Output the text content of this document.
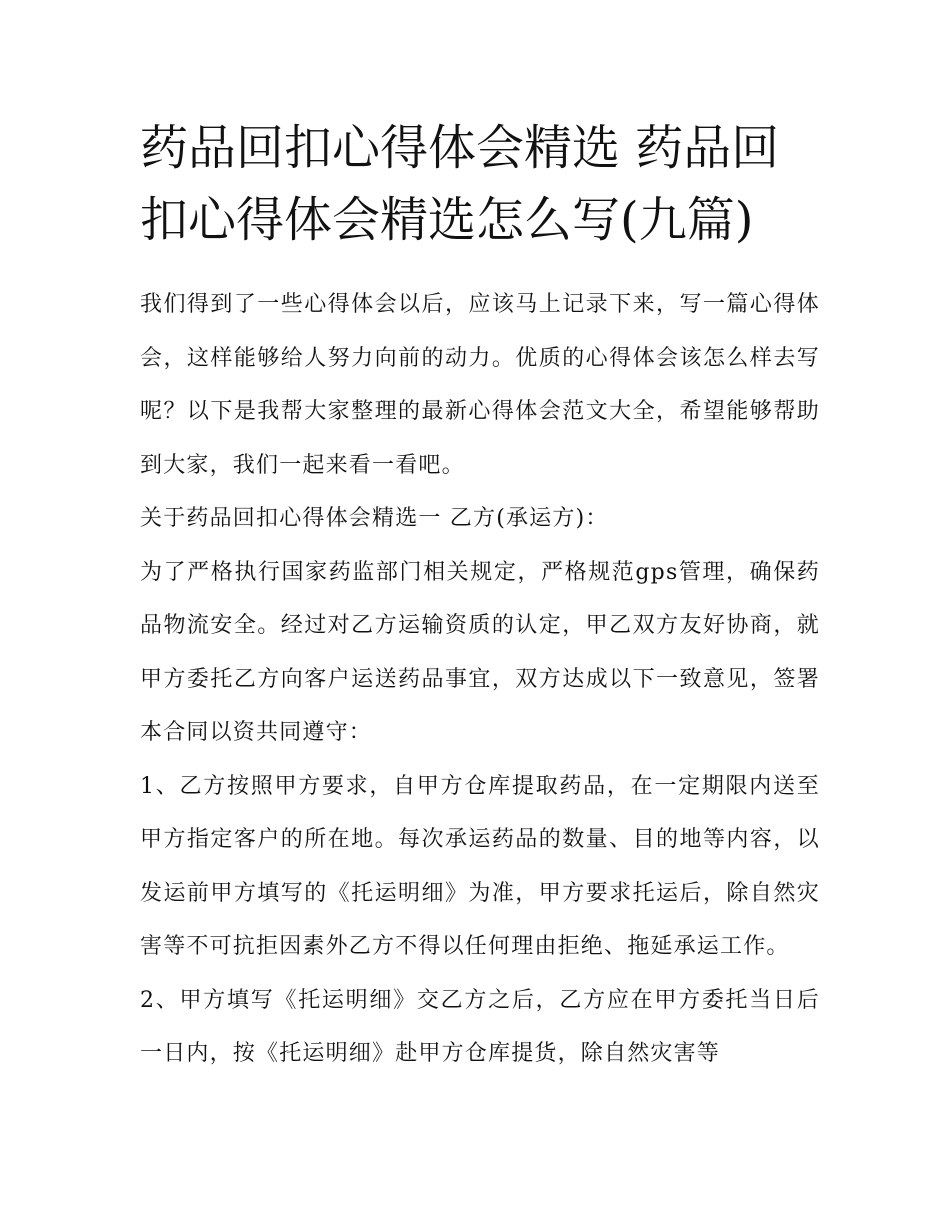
药品回扣心得体会精选 药品回扣心得体会精选怎么写(九篇)

我们得到了一些心得体会以后，应该马上记录下来，写一篇心得体会，这样能够给人努力向前的动力。优质的心得体会该怎么样去写呢？以下是我帮大家整理的最新心得体会范文大全，希望能够帮助到大家，我们一起来看一看吧。

关于药品回扣心得体会精选一 乙方(承运方)：

为了严格执行国家药监部门相关规定，严格规范gps管理，确保药品物流安全。经过对乙方运输资质的认定，甲乙双方友好协商，就甲方委托乙方向客户运送药品事宜，双方达成以下一致意见，签署本合同以资共同遵守：

1、乙方按照甲方要求，自甲方仓库提取药品，在一定期限内送至甲方指定客户的所在地。每次承运药品的数量、目的地等内容，以发运前甲方填写的《托运明细》为准，甲方要求托运后，除自然灾害等不可抗拒因素外乙方不得以任何理由拒绝、拖延承运工作。

2、甲方填写《托运明细》交乙方之后，乙方应在甲方委托当日后一日内，按《托运明细》赴甲方仓库提货，除自然灾害等
